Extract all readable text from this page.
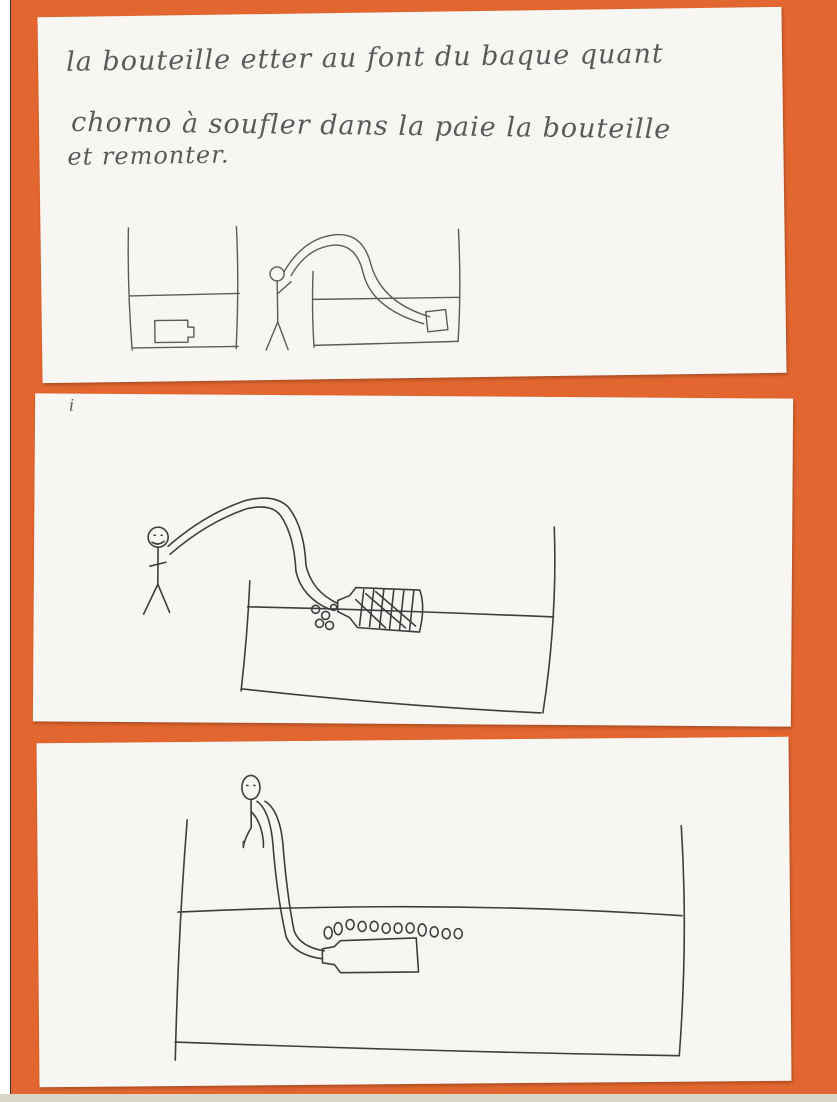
la bouteille etter au font du baque quant
chorno à soufler dans la paie la bouteille
et remonter.
i
